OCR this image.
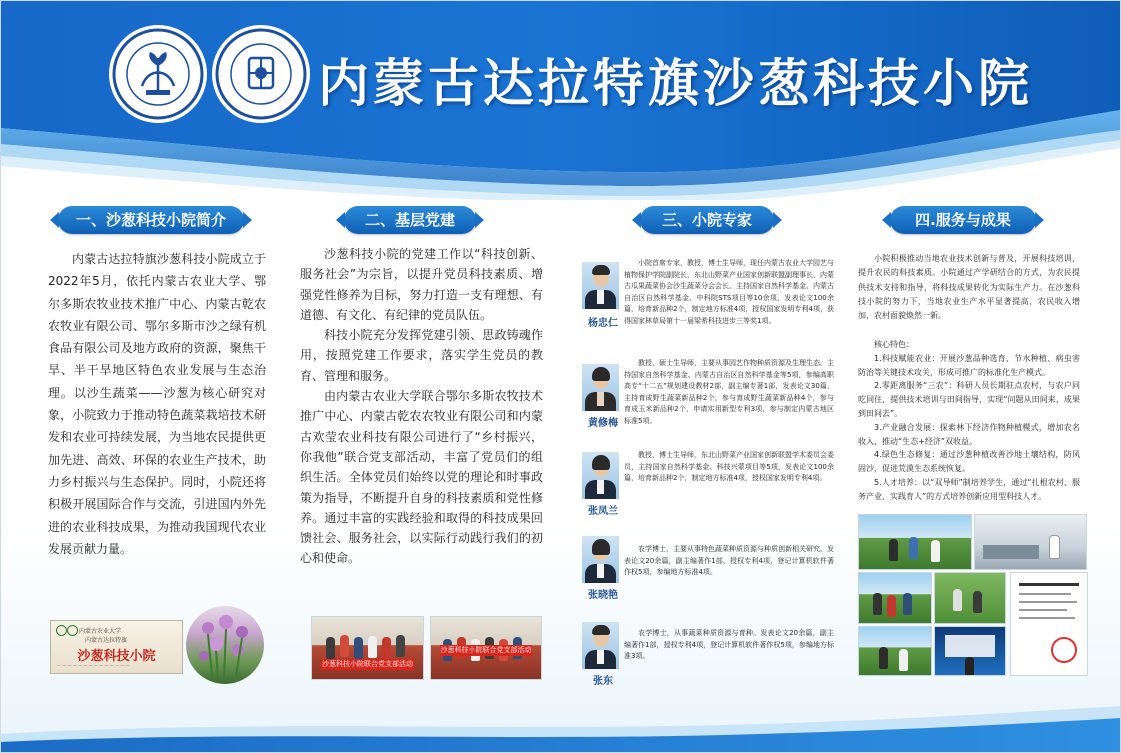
内蒙古达拉特旗沙葱科技小院
一、沙葱科技小院简介

内蒙古达拉特旗沙葱科技小院成立于2022年5月，依托内蒙古农业大学、鄂尔多斯农牧业技术推广中心、内蒙古乾农农牧业有限公司、鄂尔多斯市沙之绿有机食品有限公司及地方政府的资源，聚焦干旱、半干旱地区特色农业发展与生态治理。以沙生蔬菜——沙葱为核心研究对象，小院致力于推动特色蔬菜栽培技术研发和农业可持续发展，为当地农民提供更加先进、高效、环保的农业生产技术，助力乡村振兴与生态保护。同时，小院还将积极开展国际合作与交流，引进国内外先进的农业科技成果，为推动我国现代农业发展贡献力量。

二、基层党建

沙葱科技小院的党建工作以“科技创新、服务社会”为宗旨，以提升党员科技素质、增强党性修养为目标，努力打造一支有理想、有道德、有文化、有纪律的党员队伍。

科技小院充分发挥党建引领、思政铸魂作用，按照党建工作要求，落实学生党员的教育、管理和服务。

由内蒙古农业大学联合鄂尔多斯农牧技术推广中心、内蒙古乾农农牧业有限公司和内蒙古欢莹农业科技有限公司进行了“乡村振兴，你我他”联合党支部活动，丰富了党员们的组织生活。全体党员们始终以党的理论和时事政策为指导，不断提升自身的科技素质和党性修养。通过丰富的实践经验和取得的科技成果回馈社会、服务社会，以实际行动践行我们的初心和使命。

三、小院专家
杨忠仁
小院首席专家，教授，博士生导师，现任内蒙古农业大学园艺与植物保护学院副院长，东北山野菜产业国家创新联盟副理事长，内蒙古瓜果蔬菜协会沙生蔬菜分会会长。主持国家自然科学基金、内蒙古自治区自然科学基金、中科院STS项目等10余项，发表论文100余篇，培育新品种2个，制定地方标准4项，授权国家发明专利4项，获得国家林草局第十一届梁希科技进步三等奖1项。
黄修梅
教授，硕士生导师，主要从事园艺作物种质资源及生理生态。主持国家自然科学基金、内蒙古自治区自然科学基金等5项，参编高职高专“十二五”规划建设教材2部，副主编专著1部，发表论文30篇，主持育成野生蔬菜新品种2个，参与育成野生蔬菜新品种4个，参与育成玉米新品种2个，申请实用新型专利3项，参与制定内蒙古地区标准5项。
张凤兰
教授，博士生导师，东北山野菜产业国家创新联盟学术委员会委员，主持国家自然科学基金、科技兴蒙项目等5项，发表论文100余篇，培育新品种2个，制定地方标准4项，授权国家发明专利4项。
张晓艳
农学博士，主要从事特色蔬菜种质资源与种质创新相关研究。发表论文20余篇，副主编著作1部，授权专利4项，登记计算机软件著作权5项，参编地方标准4项。
张东
农学博士，从事蔬菜种质资源与育种。发表论文20余篇，副主编著作1部，授权专利4项，登记计算机软件著作权5项，参编地方标准3项。
四.服务与成果

小院积极推动当地农业技术创新与普及，开展科技培训，提升农民的科技素质。小院通过产学研结合的方式，为农民提供技术支持和指导，将科技成果转化为实际生产力。在沙葱科技小院的努力下，当地农业生产水平显著提高，农民收入增加，农村面貌焕然一新。

核心特色：

1.科技赋能农业：开展沙葱品种选育、节水种植、病虫害防治等关键技术攻关，形成可推广的标准化生产模式。

2.零距离服务“三农”：科研人员长期驻点农村，与农户同吃同住，提供技术培训与田间指导，实现“问题从田间来，成果到田间去”。

3.产业融合发展：探索林下经济作物种植模式，增加农名收入，推动“生态+经济”双收益。

4.绿色生态修复：通过沙葱种植改善沙地土壤结构，防风固沙，促进荒漠生态系统恢复。

5.人才培养：以“双导师”制培养学生，通过“扎根农村、服务产业、实践育人”的方式培养创新应用型科技人才。

内蒙古农业大学
内蒙古达拉特旗
沙葱科技小院
— — — — — — — — — — — — — —	沙葱科技小院联合党支部活动
沙葱科技小院联合党支部活动
